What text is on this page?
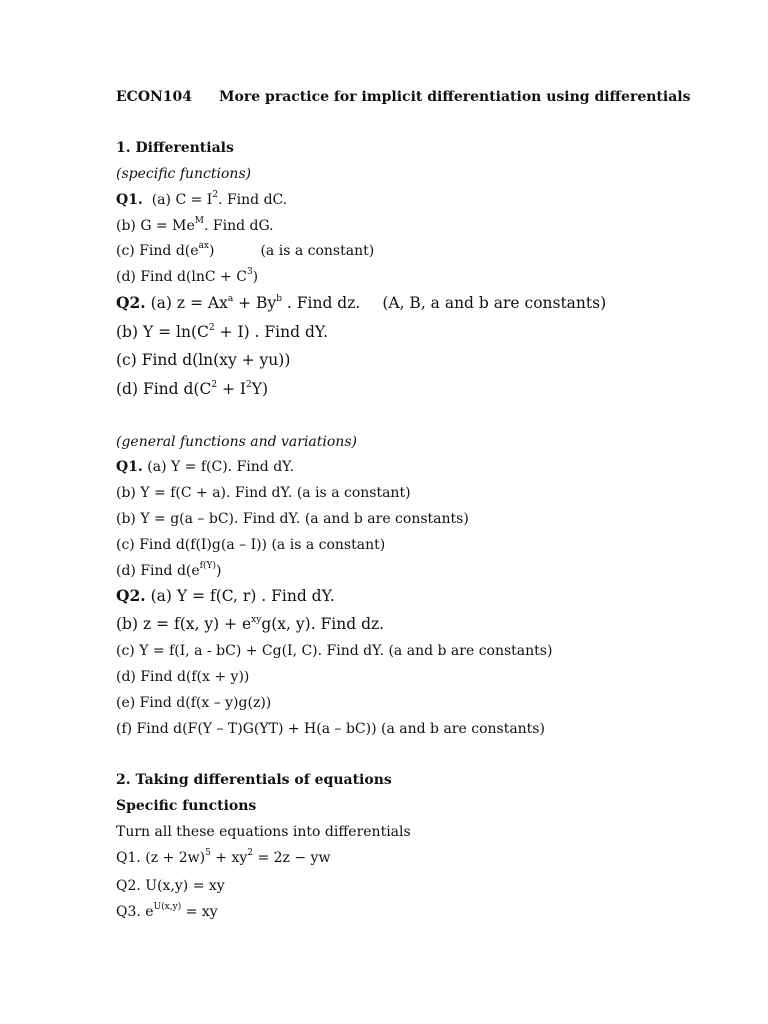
ECON104 More practice for implicit differentiation using differentials
1. Differentials
(specific functions)
Q1. (a) $C = I^2$. Find dC.
(b) $G = Me^M$. Find dG.
(c) Find $d(e^{ax})$	(a is a constant)
(d) Find $d(\ln C + C^3)$
Q2. (a) $z = Ax^a + By^b$ . Find dz. (A, B, a and b are constants)
(b) $Y = \ln(C^2 + I)$ . Find dY.
(c) Find d(ln(xy + yu))
(d) Find $d(C^2 + I^2Y)$
(general functions and variations)
Q1. (a) Y = f(C). Find dY.
(b) Y = f(C + a). Find dY. (a is a constant)
(b) Y = g(a – bC). Find dY. (a and b are constants)
(c) Find d(f(I)g(a – I)) (a is a constant)
(d) Find $d(e^{f(Y)})$
Q2. (a) Y = f(C, r) . Find dY.
(b) z = f(x, $y) + e^{xy}g(x$, y). Find dz.
(c) Y = f(I, a - bC) + Cg(I, C). Find dY. (a and b are constants)
(d) Find d(f(x + y))
(e) Find d(f(x – y)g(z))
(f) Find d(F(Y – T)G(YT) + H(a – bC)) (a and b are constants)
2. Taking differentials of equations
Specific functions
Turn all these equations into differentials
Q1. $(z + 2w)^5 + xy^2 = 2z$ − yw
Q2. U(x,y) = xy
Q3. $e^{U(x,y)}$ = xy
